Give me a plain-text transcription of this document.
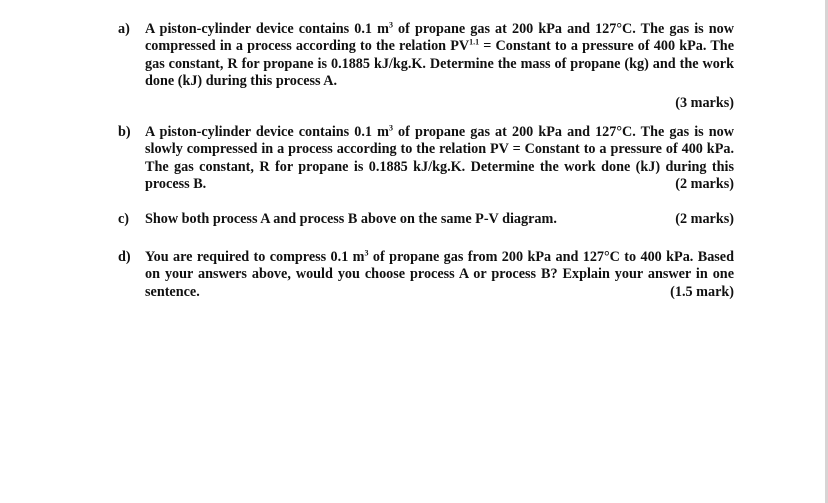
a) A piston-cylinder device contains 0.1 $m^3$ of propane gas at 200 kPa and 127°C. The gas is now
compressed in a process according to the relation $PV^{1.1}$ = Constant to a pressure of 400 kPa. The
gas constant, R for propane is 0.1885 kJ/kg.K. Determine the mass of propane (kg) and the work
done (kJ) during this process A.
(3 marks)
b) A piston-cylinder device contains 0.1 $m^3$ of propane gas at 200 kPa and 127°C. The gas is now
slowly compressed in a process according to the relation PV = Constant to a pressure of 400 kPa.
The gas constant, R for propane is 0.1885 kJ/kg.K. Determine the work done (kJ) during this
process B.	(2 marks)
c) Show both process A and process B above on the same P-V diagram.	(2 marks)
d) You are required to compress 0.1 $m^3$ of propane gas from 200 kPa and 127°C to 400 kPa. Based
on your answers above, would you choose process A or process B? Explain your answer in one
sentence.	(1.5 mark)
